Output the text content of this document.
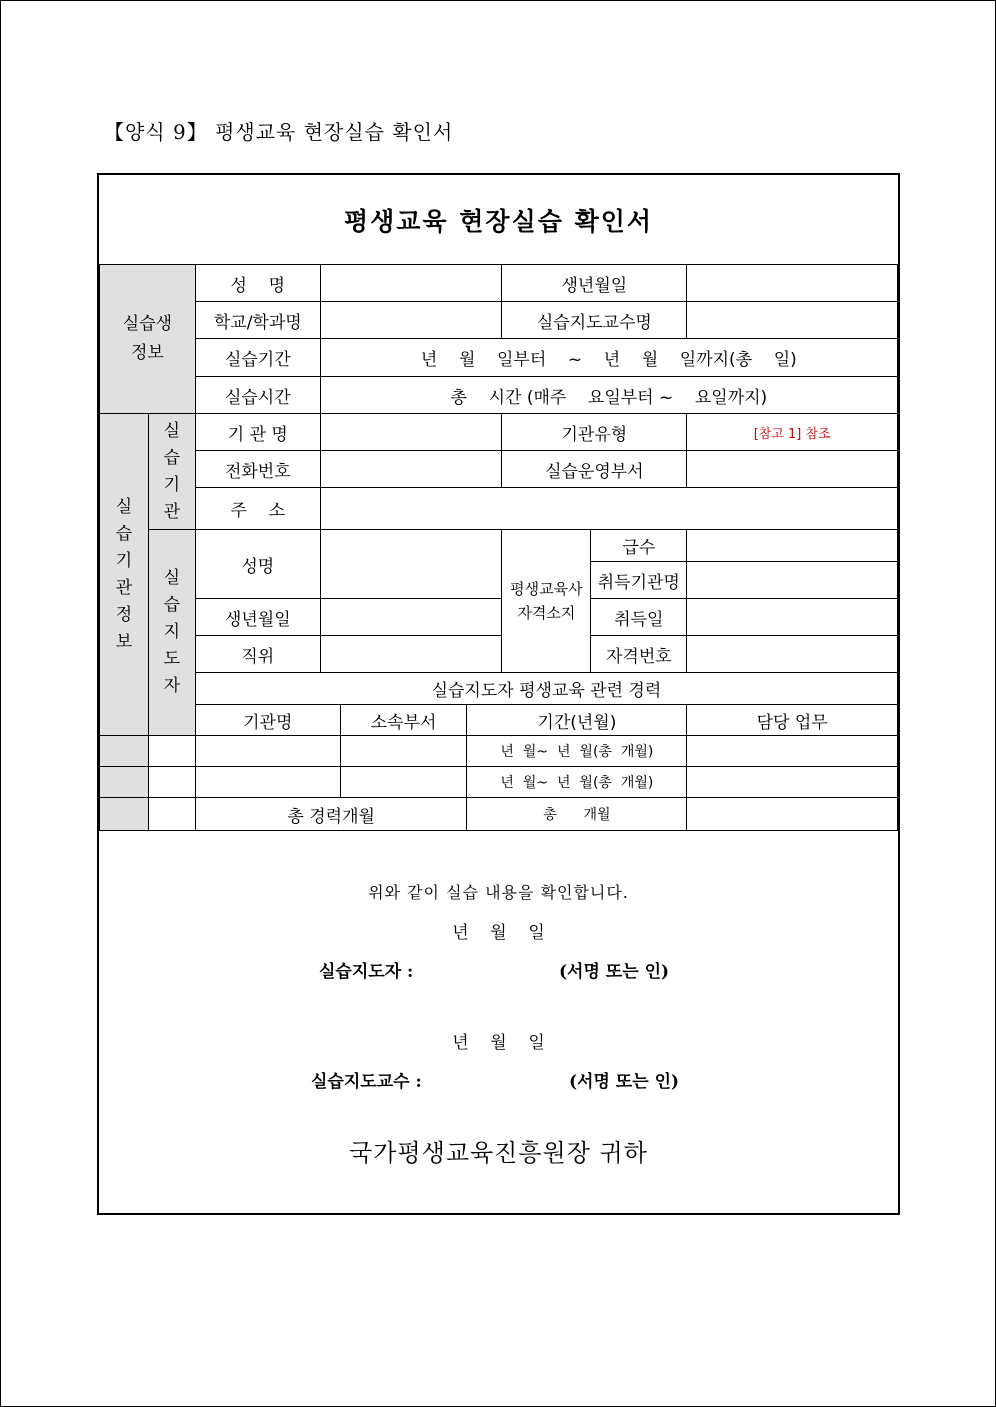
【양식 9】 평생교육 현장실습 확인서
평생교육 현장실습 확인서
실습생 정보		성    명				생년월일		
		학교/학과명				실습지도교수명		
		실습기간	년    월    일부터    ~    년    월    일까지(총    일)					
		실습시간	총    시간 (매주    요일부터 ~    요일까지)					

실습기관정보	실습기관	기 관 명				기관유형		[참고 1] 참조
		전화번호				실습운영부서		
		주    소						

	실습지도자	성명				평생교육사 자격소지	급수	
							취득기관명	
		생년월일					취득일	

		직위					자격번호	

		실습지도자 평생교육 관련 경력						
		기관명		소속부서	기간(년월)			담당 업무
					년  월~  년  월(총  개월)			
					년  월~  년  월(총  개월)			
		총 경력개월			총      개월			
위와 같이 실습 내용을 확인합니다.
년    월    일
실습지도자 :	(서명 또는 인)
년    월    일
실습지도교수 :	(서명 또는 인)
국가평생교육진흥원장 귀하
